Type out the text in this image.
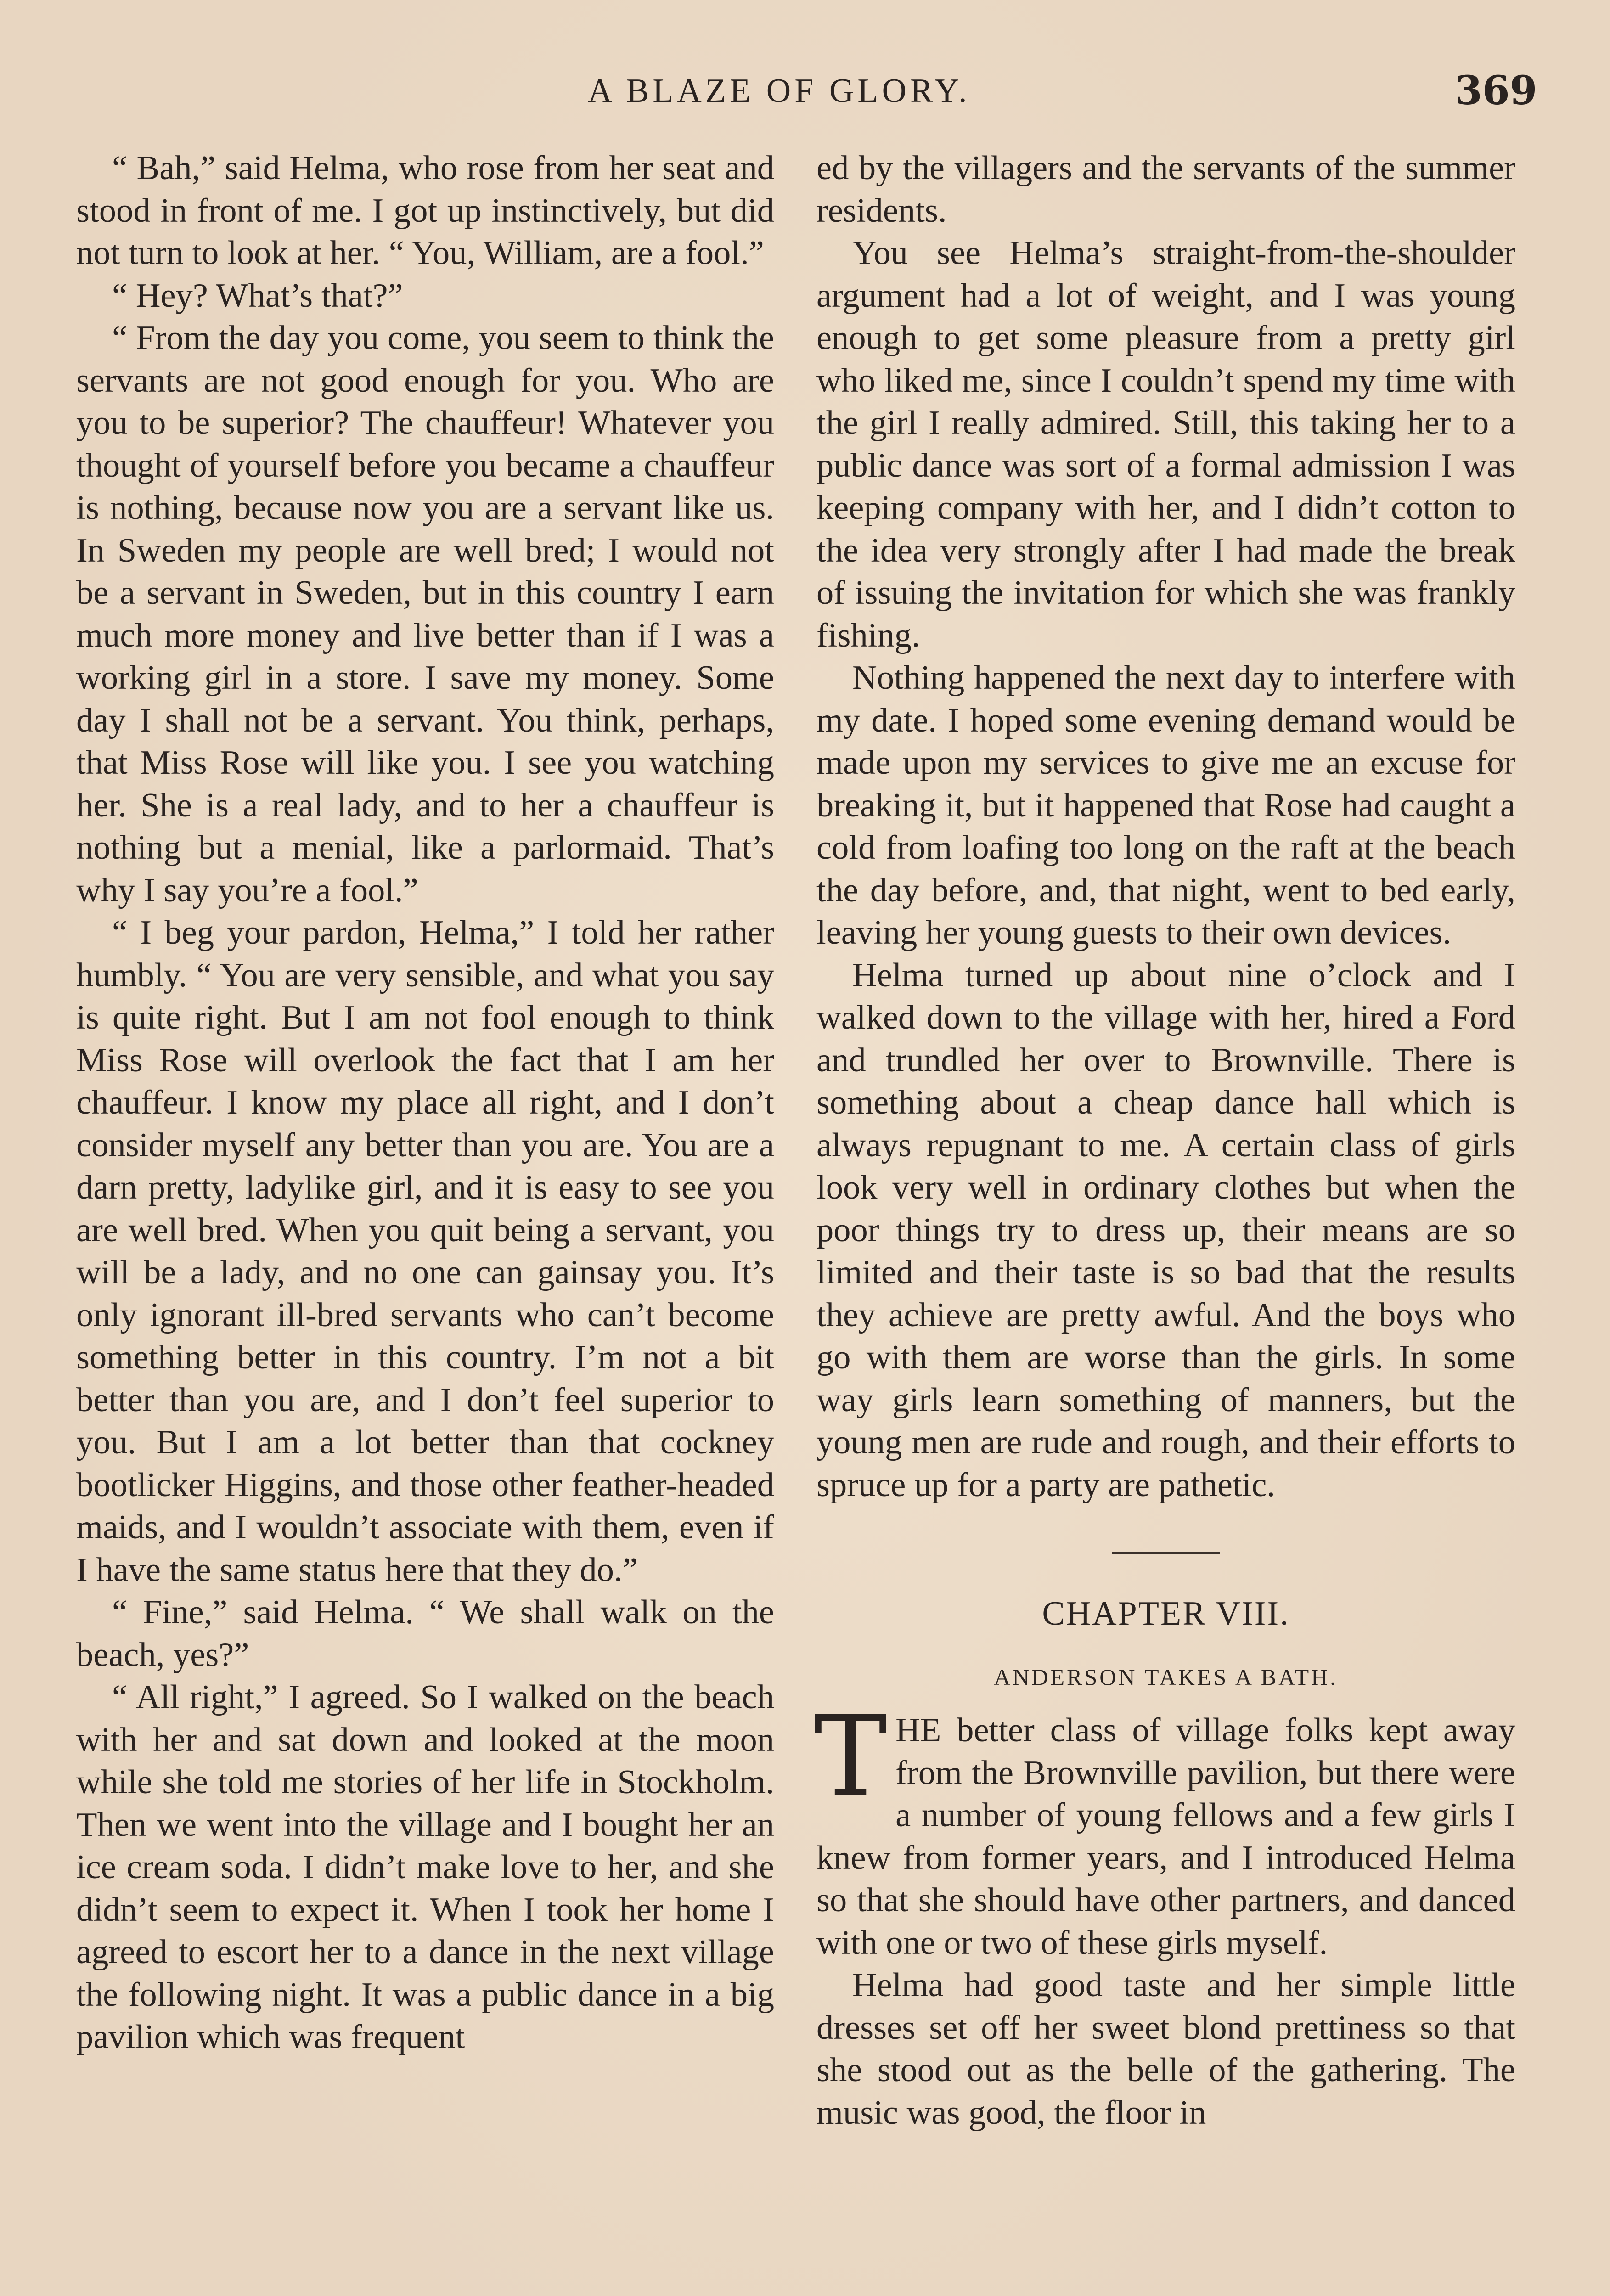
A BLAZE OF GLORY.	369

“ Bah,” said Helma, who rose from her seat and stood in front of me. I got up instinctively, but did not turn to look at her. “ You, William, are a fool.”

“ Hey? What’s that?”

“ From the day you come, you seem to think the servants are not good enough for you. Who are you to be superior? The chauffeur! Whatever you thought of yourself before you became a chauffeur is nothing, because now you are a servant like us. In Sweden my people are well bred; I would not be a servant in Sweden, but in this country I earn much more money and live better than if I was a working girl in a store. I save my money. Some day I shall not be a servant. You think, perhaps, that Miss Rose will like you. I see you watching her. She is a real lady, and to her a chauffeur is nothing but a menial, like a parlormaid. That’s why I say you’re a fool.”

“ I beg your pardon, Helma,” I told her rather humbly. “ You are very sensible, and what you say is quite right. But I am not fool enough to think Miss Rose will overlook the fact that I am her chauffeur. I know my place all right, and I don’t consider myself any better than you are. You are a darn pretty, ladylike girl, and it is easy to see you are well bred. When you quit being a servant, you will be a lady, and no one can gainsay you. It’s only ignorant ill-bred servants who can’t become something better in this country. I’m not a bit better than you are, and I don’t feel superior to you. But I am a lot better than that cockney bootlicker Higgins, and those other feather-headed maids, and I wouldn’t associate with them, even if I have the same status here that they do.”

“ Fine,” said Helma. “ We shall walk on the beach, yes?”

“ All right,” I agreed. So I walked on the beach with her and sat down and looked at the moon while she told me stories of her life in Stockholm. Then we went into the village and I bought her an ice cream soda. I didn’t make love to her, and she didn’t seem to expect it. When I took her home I agreed to escort her to a dance in the next village the following night. It was a public dance in a big pavilion which was frequent

ed by the villagers and the servants of the summer residents.

You see Helma’s straight-from-the-shoulder argument had a lot of weight, and I was young enough to get some pleasure from a pretty girl who liked me, since I couldn’t spend my time with the girl I really admired. Still, this taking her to a public dance was sort of a formal admission I was keeping company with her, and I didn’t cotton to the idea very strongly after I had made the break of issuing the invitation for which she was frankly fishing.

Nothing happened the next day to interfere with my date. I hoped some evening demand would be made upon my services to give me an excuse for breaking it, but it happened that Rose had caught a cold from loafing too long on the raft at the beach the day before, and, that night, went to bed early, leaving her young guests to their own devices.

Helma turned up about nine o’clock and I walked down to the village with her, hired a Ford and trundled her over to Brownville. There is something about a cheap dance hall which is always repugnant to me. A certain class of girls look very well in ordinary clothes but when the poor things try to dress up, their means are so limited and their taste is so bad that the results they achieve are pretty awful. And the boys who go with them are worse than the girls. In some way girls learn something of manners, but the young men are rude and rough, and their efforts to spruce up for a party are pathetic.

CHAPTER VIII.
ANDERSON TAKES A BATH.

THE better class of village folks kept away from the Brownville pavilion, but there were a number of young fellows and a few girls I knew from former years, and I introduced Helma so that she should have other partners, and danced with one or two of these girls myself.

Helma had good taste and her simple little dresses set off her sweet blond prettiness so that she stood out as the belle of the gathering. The music was good, the floor in
